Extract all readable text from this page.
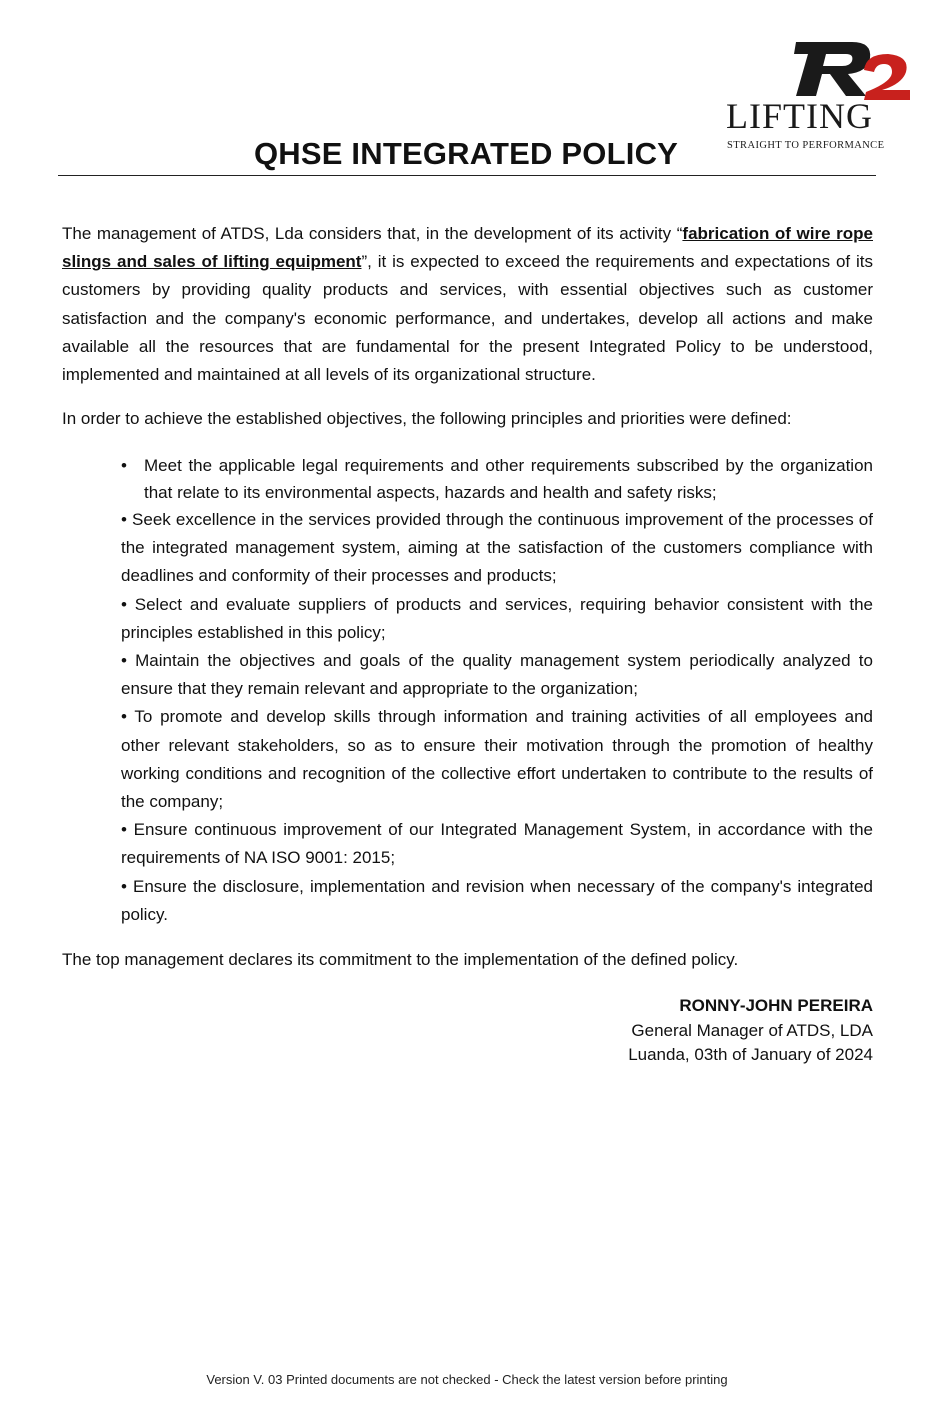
LIFTING
STRAIGHT TO PERFORMANCE
QHSE INTEGRATED POLICY

The management of ATDS, Lda considers that, in the development of its activity “fabrication of wire rope slings and sales of lifting equipment”, it is expected to exceed the requirements and expectations of its customers by providing quality products and services, with essential objectives such as customer satisfaction and the company's economic performance, and undertakes, develop all actions and make available all the resources that are fundamental for the present Integrated Policy to be understood, implemented and maintained at all levels of its organizational structure.

In order to achieve the established objectives, the following principles and priorities were defined:

• Meet the applicable legal requirements and other requirements subscribed by the organization that relate to its environmental aspects, hazards and health and safety risks;

• Seek excellence in the services provided through the continuous improvement of the processes of the integrated management system, aiming at the satisfaction of the customers compliance with deadlines and conformity of their processes and products;

• Select and evaluate suppliers of products and services, requiring behavior consistent with the principles established in this policy;

• Maintain the objectives and goals of the quality management system periodically analyzed to ensure that they remain relevant and appropriate to the organization;

• To promote and develop skills through information and training activities of all employees and other relevant stakeholders, so as to ensure their motivation through the promotion of healthy working conditions and recognition of the collective effort undertaken to contribute to the results of the company;

• Ensure continuous improvement of our Integrated Management System, in accordance with the requirements of NA ISO 9001: 2015;

• Ensure the disclosure, implementation and revision when necessary of the company's integrated policy.

The top management declares its commitment to the implementation of the defined policy.

RONNY-JOHN PEREIRA
General Manager of ATDS, LDA
Luanda, 03th of January of 2024
Version V. 03 Printed documents are not checked - Check the latest version before printing
